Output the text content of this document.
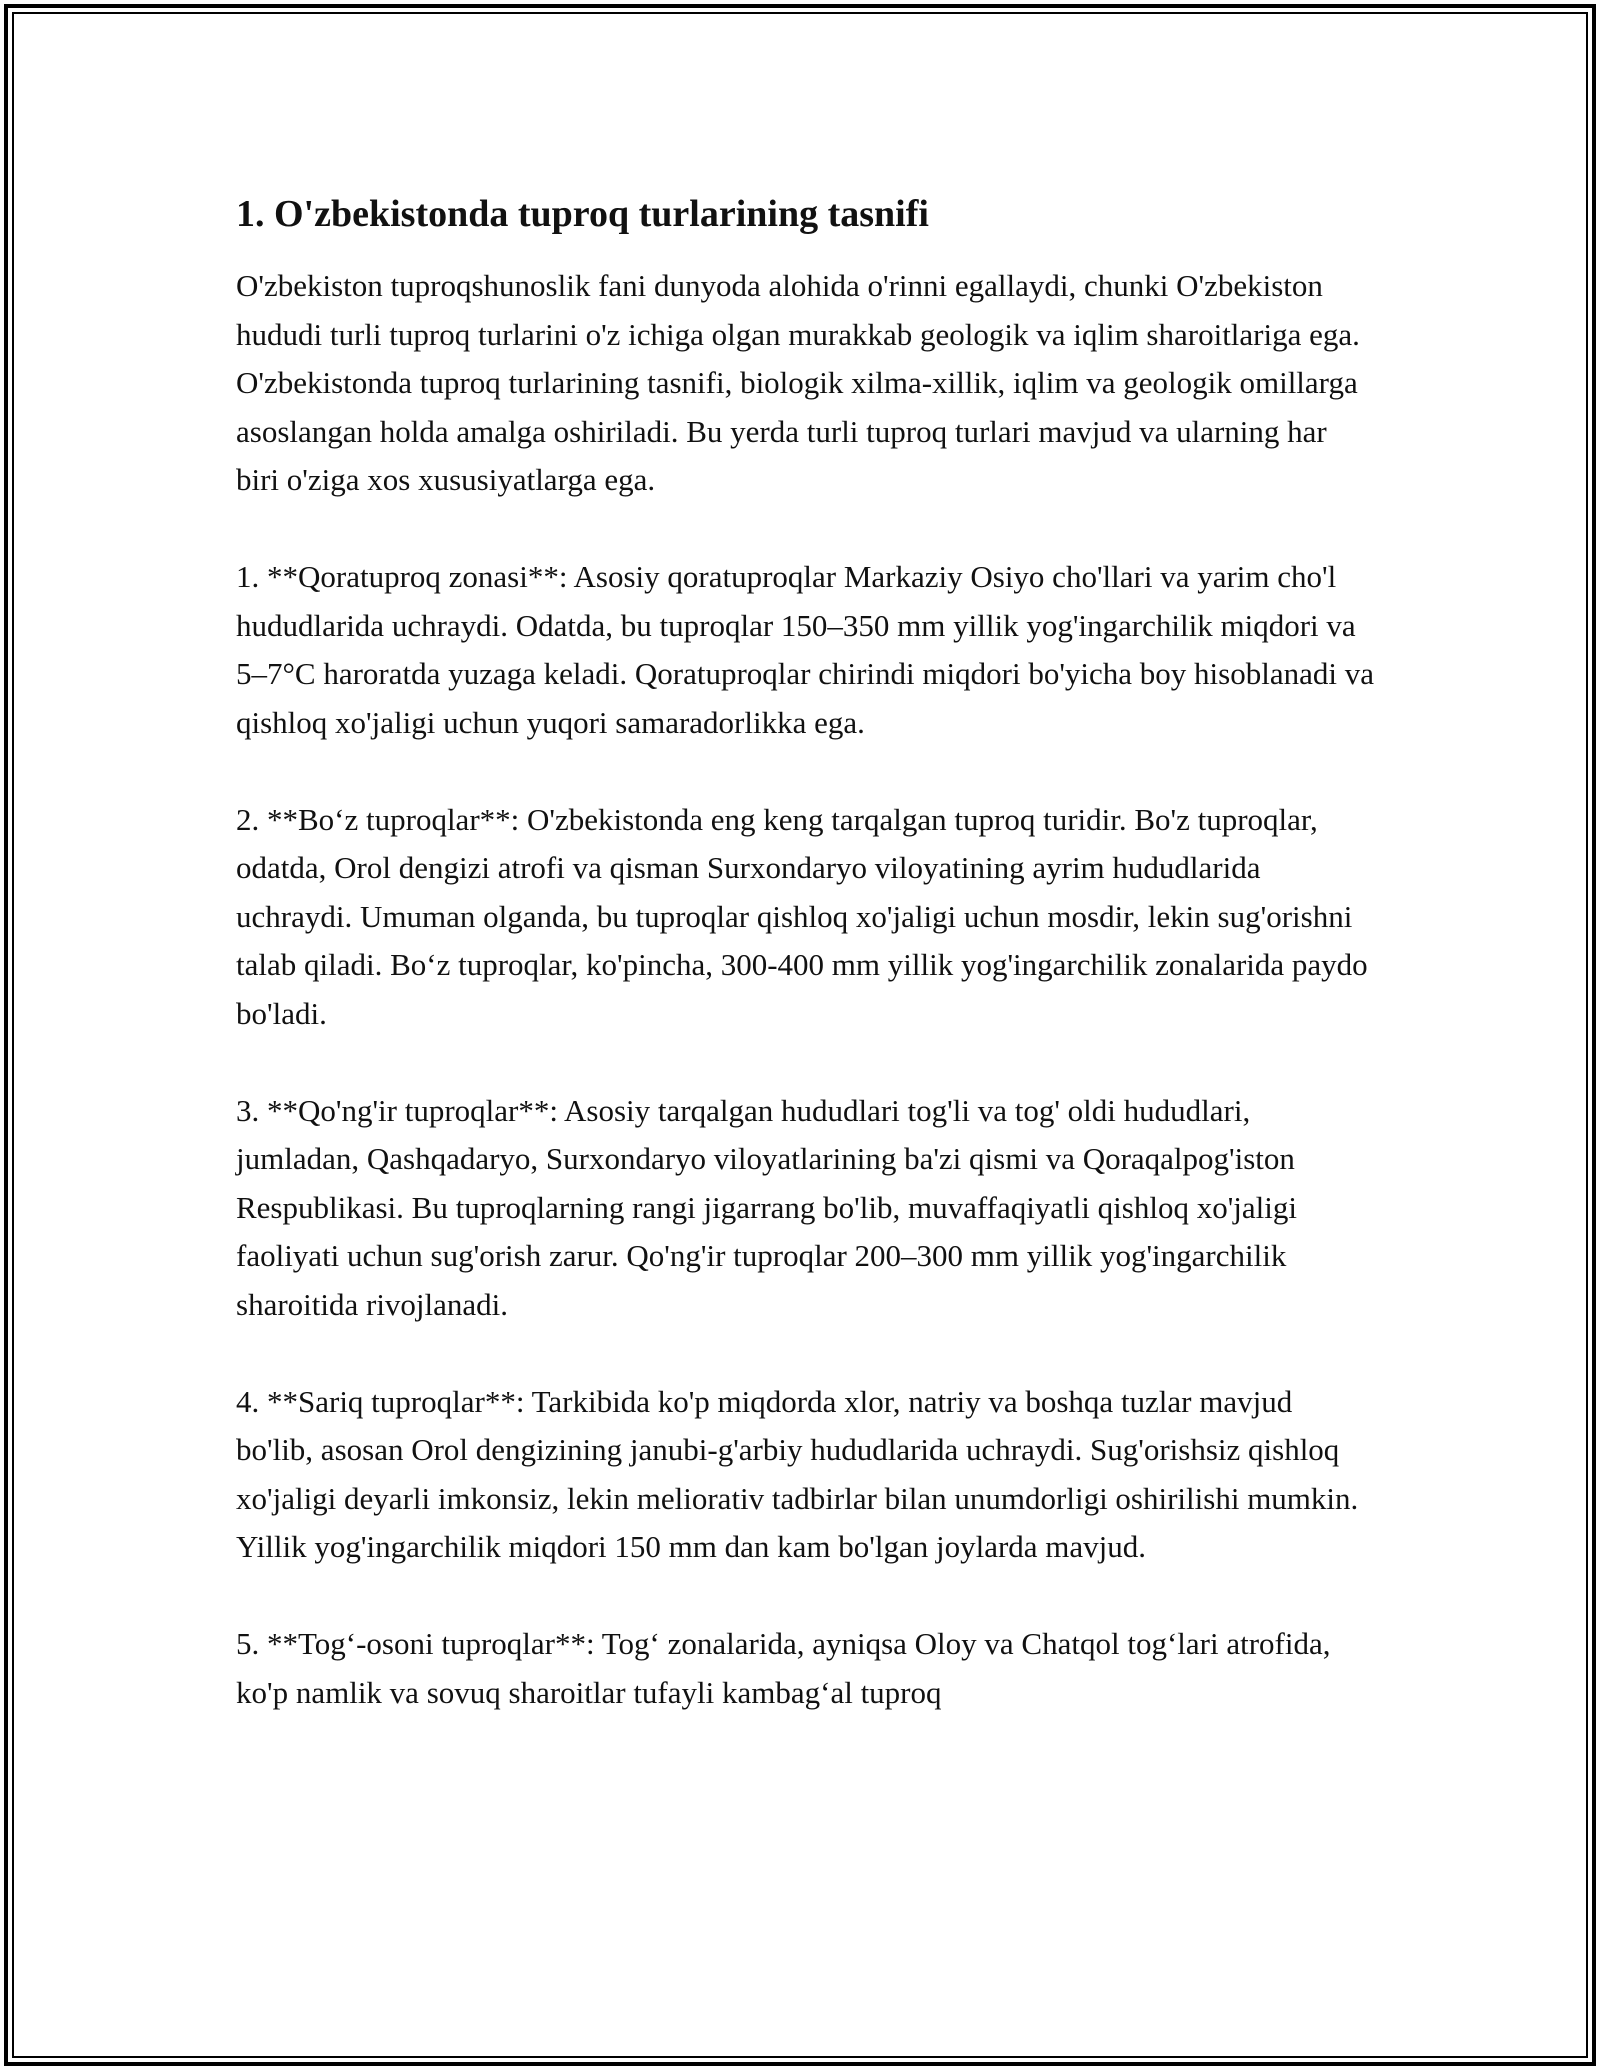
1. O'zbekistonda tuproq turlarining tasnifi

O'zbekiston tuproqshunoslik fani dunyoda alohida o'rinni egallaydi, chunki O'zbekiston hududi turli tuproq turlarini o'z ichiga olgan murakkab geologik va iqlim sharoitlariga ega. O'zbekistonda tuproq turlarining tasnifi, biologik xilma-xillik, iqlim va geologik omillarga asoslangan holda amalga oshiriladi. Bu yerda turli tuproq turlari mavjud va ularning har biri o'ziga xos xususiyatlarga ega.

1. **Qoratuproq zonasi**: Asosiy qoratuproqlar Markaziy Osiyo cho'llari va yarim cho'l hududlarida uchraydi. Odatda, bu tuproqlar 150–350 mm yillik yog'ingarchilik miqdori va 5–7°C haroratda yuzaga keladi. Qoratuproqlar chirindi miqdori bo'yicha boy hisoblanadi va qishloq xo'jaligi uchun yuqori samaradorlikka ega.

2. **Bo‘z tuproqlar**: O'zbekistonda eng keng tarqalgan tuproq turidir. Bo'z tuproqlar, odatda, Orol dengizi atrofi va qisman Surxondaryo viloyatining ayrim hududlarida uchraydi. Umuman olganda, bu tuproqlar qishloq xo'jaligi uchun mosdir, lekin sug'orishni talab qiladi. Bo‘z tuproqlar, ko'pincha, 300-400 mm yillik yog'ingarchilik zonalarida paydo bo'ladi.

3. **Qo'ng'ir tuproqlar**: Asosiy tarqalgan hududlari tog'li va tog' oldi hududlari, jumladan, Qashqadaryo, Surxondaryo viloyatlarining ba'zi qismi va Qoraqalpog'iston Respublikasi. Bu tuproqlarning rangi jigarrang bo'lib, muvaffaqiyatli qishloq xo'jaligi faoliyati uchun sug'orish zarur. Qo'ng'ir tuproqlar 200–300 mm yillik yog'ingarchilik sharoitida rivojlanadi.

4. **Sariq tuproqlar**: Tarkibida ko'p miqdorda xlor, natriy va boshqa tuzlar mavjud bo'lib, asosan Orol dengizining janubi-g'arbiy hududlarida uchraydi. Sug'orishsiz qishloq xo'jaligi deyarli imkonsiz, lekin meliorativ tadbirlar bilan unumdorligi oshirilishi mumkin. Yillik yog'ingarchilik miqdori 150 mm dan kam bo'lgan joylarda mavjud.

5. **Tog‘-osoni tuproqlar**: Tog‘ zonalarida, ayniqsa Oloy va Chatqol tog‘lari atrofida, ko'p namlik va sovuq sharoitlar tufayli kambag‘al tuproq
